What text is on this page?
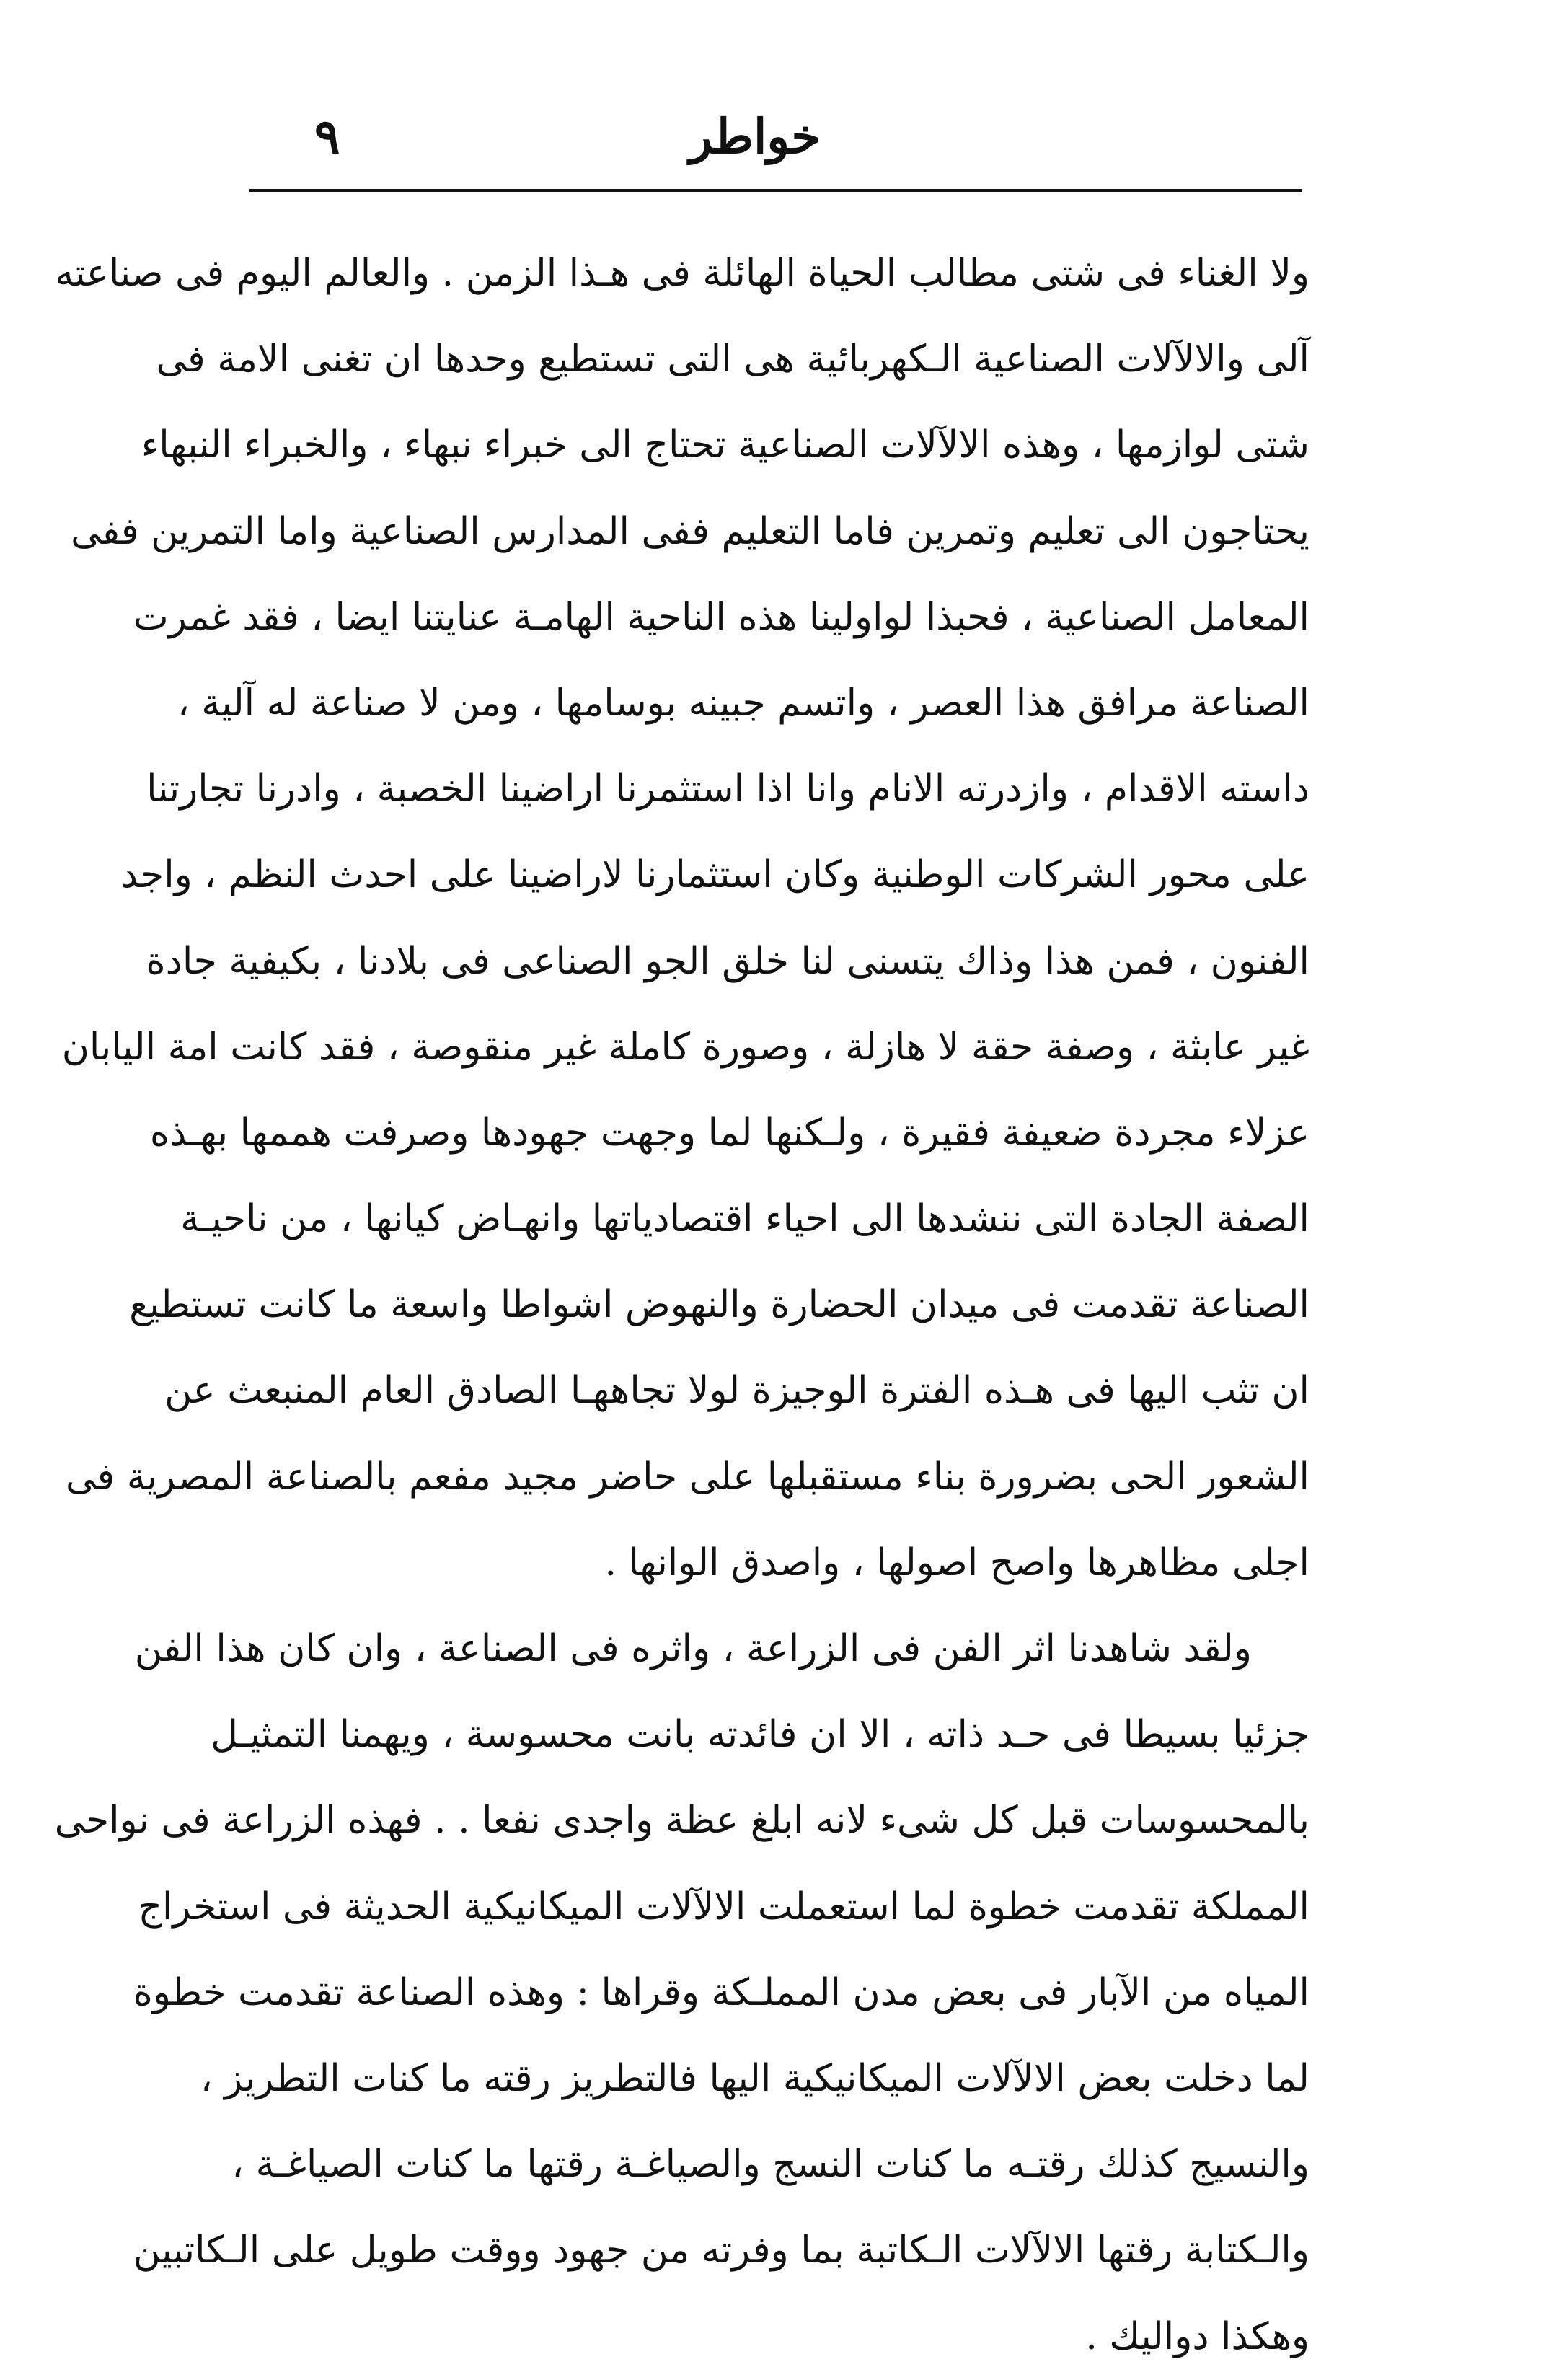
٩	خواطر
ولا الغناء فى شتى مطالب الحياة الهائلة فى هـذا الزمن . والعالم اليوم فى صناعته
آلى والالآلات الصناعية الـكهربائية هى التى تستطيع وحدها ان تغنى الامة فى
شتى لوازمها ، وهذه الالآلات الصناعية تحتاج الى خبراء نبهاء ، والخبراء النبهاء
يحتاجون الى تعليم وتمرين فاما التعليم ففى المدارس الصناعية واما التمرين ففى
المعامل الصناعية ، فحبذا لواولينا هذه الناحية الهامـة عنايتنا ايضا ، فقد غمرت
الصناعة مرافق هذا العصر ، واتسم جبينه بوسامها ، ومن لا صناعة له آلية ،
داسته الاقدام ، وازدرته الانام وانا اذا استثمرنا اراضينا الخصبة ، وادرنا تجارتنا
على محور الشركات الوطنية وكان استثمارنا لاراضينا على احدث النظم ، واجد
الفنون ، فمن هذا وذاك يتسنى لنا خلق الجو الصناعى فى بلادنا ، بكيفية جادة
غير عابثة ، وصفة حقة لا هازلة ، وصورة كاملة غير منقوصة ، فقد كانت امة اليابان
عزلاء مجردة ضعيفة فقيرة ، ولـكنها لما وجهت جهودها وصرفت هممها بهـذه
الصفة الجادة التى ننشدها الى احياء اقتصادياتها وانهـاض كيانها ، من ناحيـة
الصناعة تقدمت فى ميدان الحضارة والنهوض اشواطا واسعة ما كانت تستطيع
ان تثب اليها فى هـذه الفترة الوجيزة لولا تجاههـا الصادق العام المنبعث عن
الشعور الحى بضرورة بناء مستقبلها على حاضر مجيد مفعم بالصناعة المصرية فى
اجلى مظاهرها واصح اصولها ، واصدق الوانها .
ولقد شاهدنا اثر الفن فى الزراعة ، واثره فى الصناعة ، وان كان هذا الفن
جزئيا بسيطا فى حـد ذاته ، الا ان فائدته بانت محسوسة ، ويهمنا التمثيـل
بالمحسوسات قبل كل شىء لانه ابلغ عظة واجدى نفعا . . فهذه الزراعة فى نواحى
المملكة تقدمت خطوة لما استعملت الالآلات الميكانيكية الحديثة فى استخراج
المياه من الآبار فى بعض مدن المملـكة وقراها : وهذه الصناعة تقدمت خطوة
لما دخلت بعض الالآلات الميكانيكية اليها فالتطريز رقته ما كنات التطريز ،
والنسيج كذلك رقتـه ما كنات النسج والصياغـة رقتها ما كنات الصياغـة ،
والـكتابة رقتها الالآلات الـكاتبة بما وفرته من جهود ووقت طويل على الـكاتبين
وهكذا دواليك .
